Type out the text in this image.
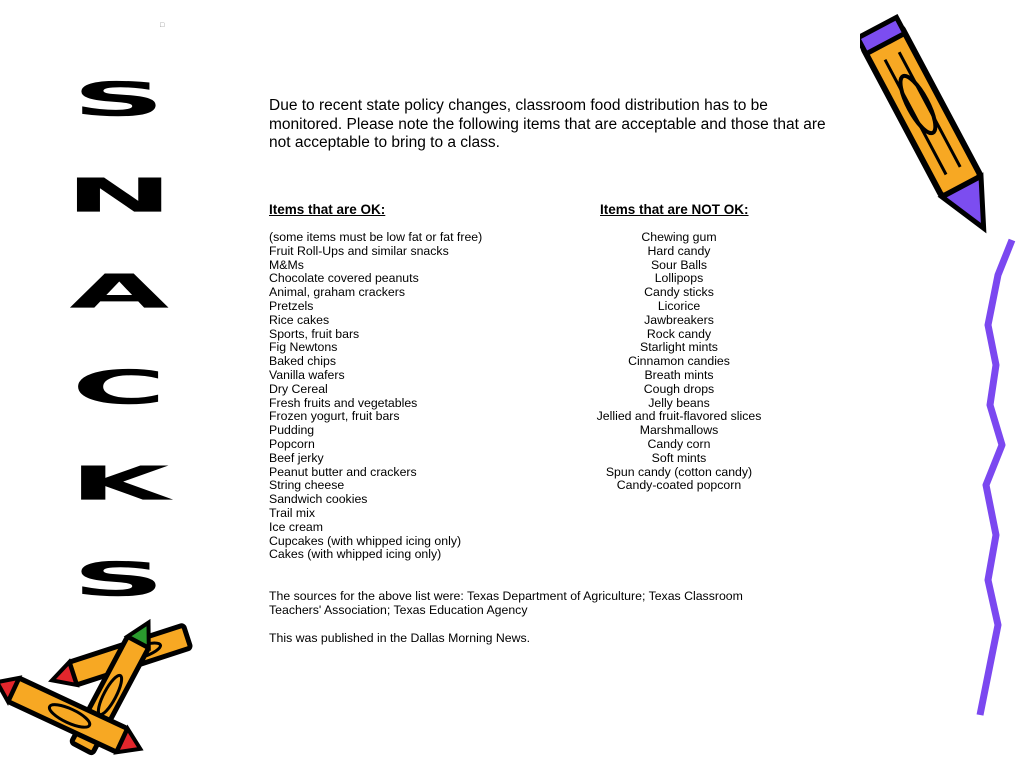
S
N
A
C
K
S
□
Due to recent state policy changes, classroom food distribution has to be monitored. Please note the following items that are acceptable and those that are not acceptable to bring to a class.
Items that are OK:	Items that are NOT OK:
(some items must be low fat or fat free)
Fruit Roll-Ups and similar snacks
M&Ms
Chocolate covered peanuts
Animal, graham crackers
Pretzels
Rice cakes
Sports, fruit bars
Fig Newtons
Baked chips
Vanilla wafers
Dry Cereal
Fresh fruits and vegetables
Frozen yogurt, fruit bars
Pudding
Popcorn
Beef jerky
Peanut butter and crackers
String cheese
Sandwich cookies
Trail mix
Ice cream
Cupcakes (with whipped icing only)
Cakes (with whipped icing only)
Chewing gum
Hard candy
Sour Balls
Lollipops
Candy sticks
Licorice
Jawbreakers
Rock candy
Starlight mints
Cinnamon candies
Breath mints
Cough drops
Jelly beans
Jellied and fruit-flavored slices
Marshmallows
Candy corn
Soft mints
Spun candy (cotton candy)
Candy-coated popcorn
The sources for the above list were: Texas Department of Agriculture; Texas Classroom Teachers' Association; Texas Education Agency
This was published in the Dallas Morning News.
